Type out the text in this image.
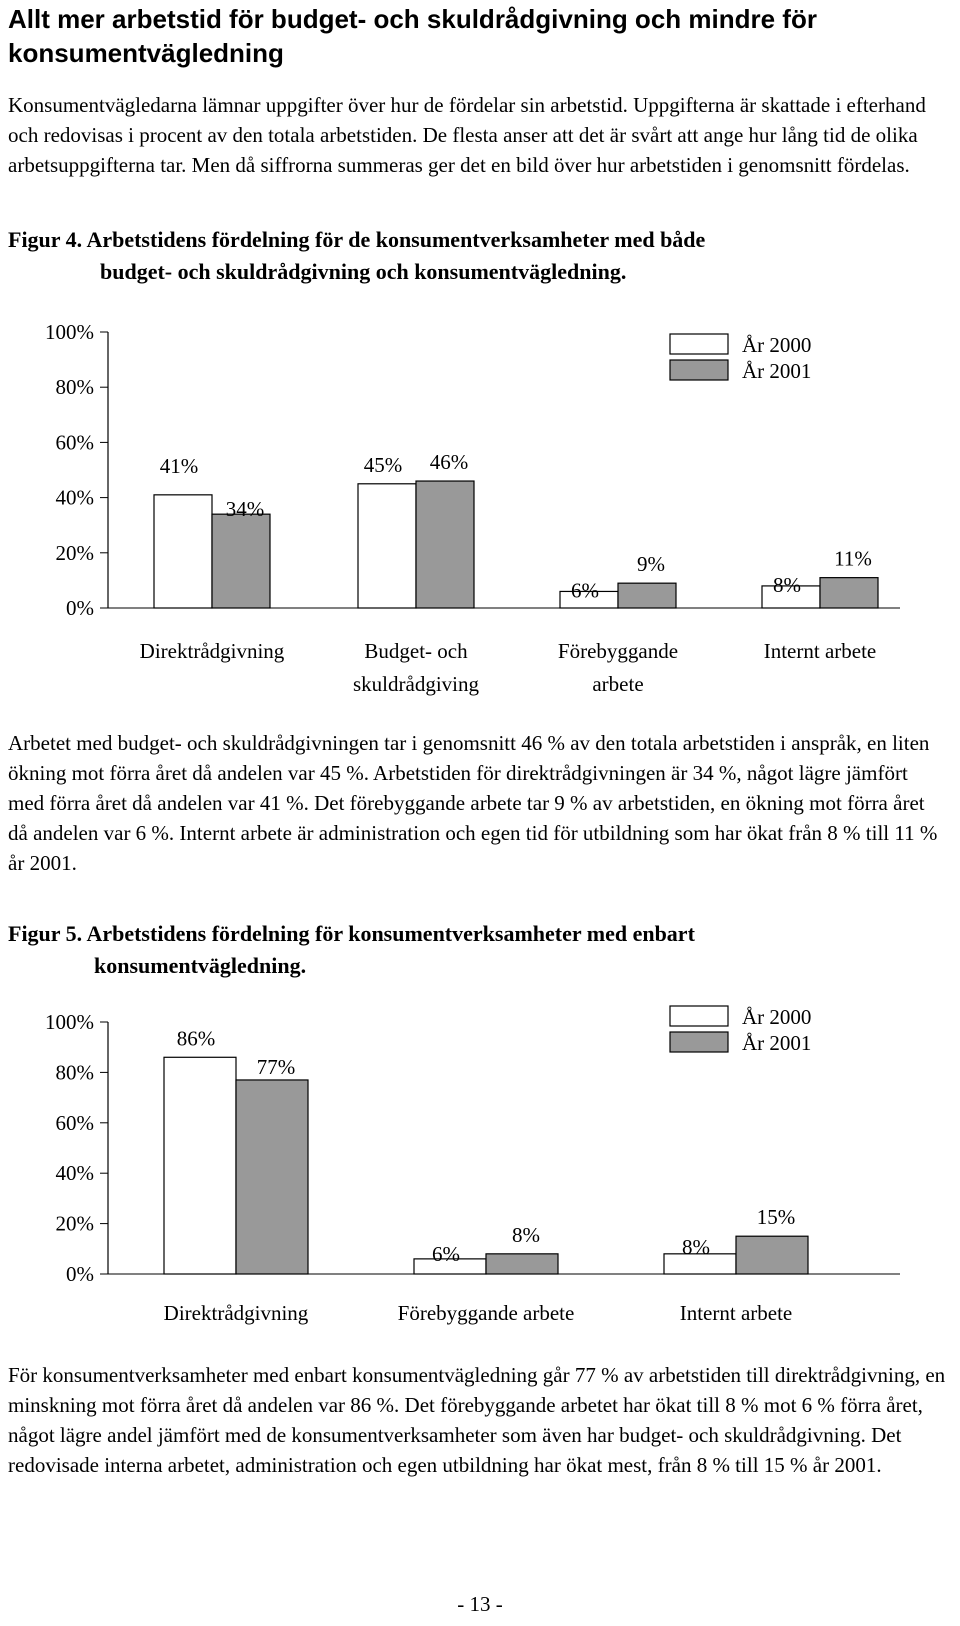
Allt mer arbetstid för budget- och skuldrådgivning och mindre för konsumentvägledning

Konsumentvägledarna lämnar uppgifter över hur de fördelar sin arbetstid. Uppgifterna är skattade i efterhand och redovisas i procent av den totala arbetstiden. De flesta anser att det är svårt att ange hur lång tid de olika arbetsuppgifterna tar. Men då siffrorna summeras ger det en bild över hur arbetstiden i genomsnitt fördelas.

Figur 4. Arbetstidens fördelning för de konsumentverksamheter med både
budget- och skuldrådgivning och konsumentvägledning.
0%
20%
40%
60%
80%
100%
41%
34%
Direktrådgivning
45% 46%
Budget- och
skuldrådgiving
6%
9%
Förebyggande
arbete
8%
11%
Internt arbete
År 2000
År 2001

Arbetet med budget- och skuldrådgivningen tar i genomsnitt 46 % av den totala arbetstiden i anspråk, en liten ökning mot förra året då andelen var 45 %. Arbetstiden för direktrådgivningen är 34 %, något lägre jämfört med förra året då andelen var 41 %. Det förebyggande arbete tar 9 % av arbetstiden, en ökning mot förra året då andelen var 6 %. Internt arbete är administration och egen tid för utbildning som har ökat från 8 % till 11 % år 2001.

Figur 5. Arbetstidens fördelning för konsumentverksamheter med enbart
konsumentvägledning.
0%
20%
40%
60%
80%
100%
86%
77%
Direktrådgivning
6%
8%
Förebyggande arbete
8%
15%
Internt arbete
År 2000
År 2001

För konsumentverksamheter med enbart konsumentvägledning går 77 % av arbetstiden till direktrådgivning, en minskning mot förra året då andelen var 86 %. Det förebyggande arbetet har ökat till 8 % mot 6 % förra året, något lägre andel jämfört med de konsumentverksamheter som även har budget- och skuldrådgivning. Det redovisade interna arbetet, administration och egen utbildning har ökat mest, från 8 % till 15 % år 2001.

- 13 -
